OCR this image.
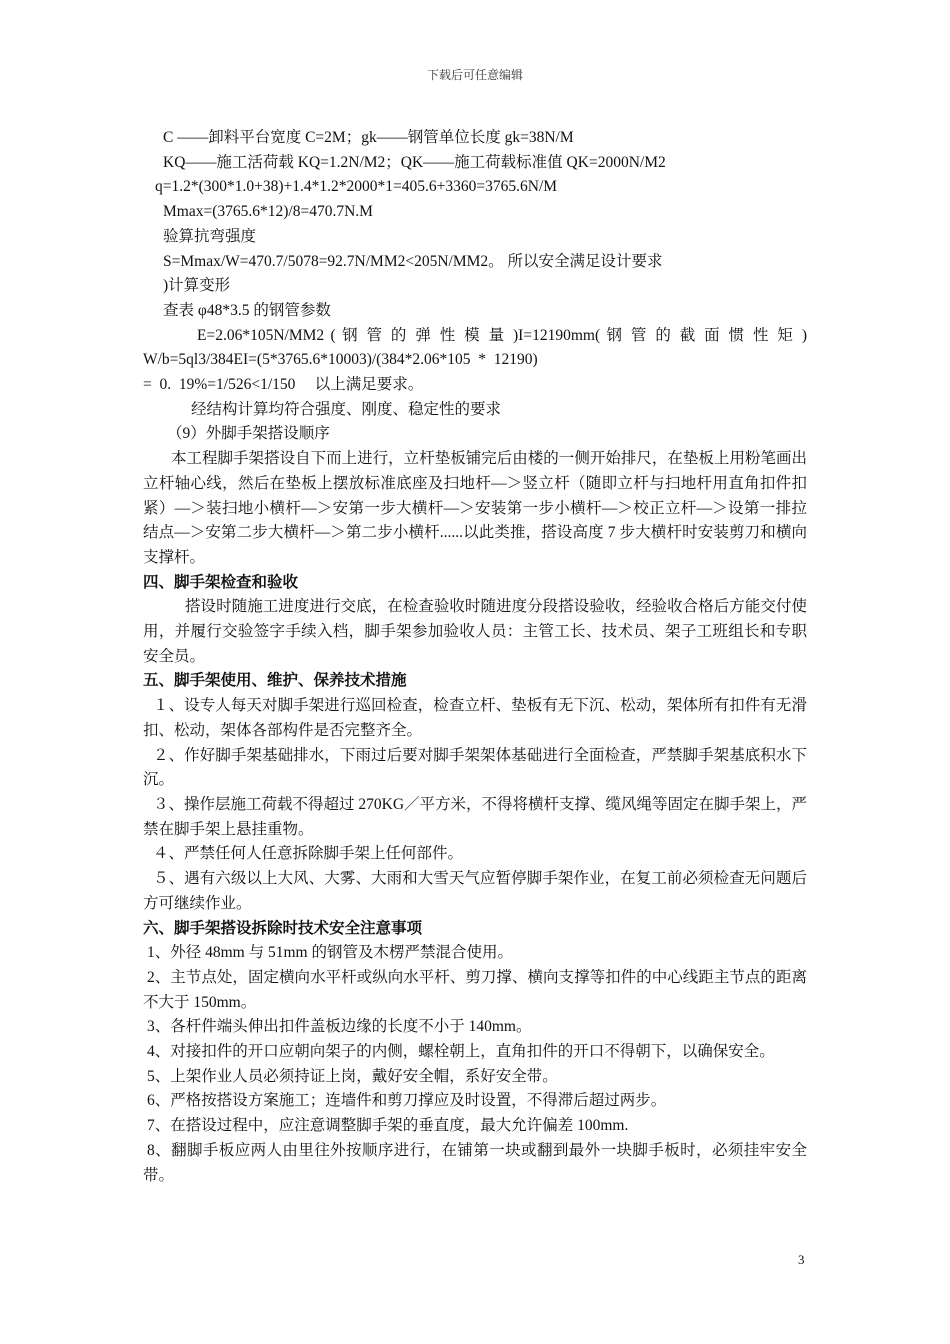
下载后可任意编辑
C ——卸料平台宽度 C=2M；gk——钢管单位长度 gk=38N/M
KQ——施工活荷载 KQ=1.2N/M2；QK——施工荷载标准值 QK=2000N/M2
q=1.2*(300*1.0+38)+1.4*1.2*2000*1=405.6+3360=3765.6N/M
Mmax=(3765.6*12)/8=470.7N.M
验算抗弯强度
S=Mmax/W=470.7/5078=92.7N/MM2<205N/MM2。 所以安全满足设计要求
)计算变形
查表 φ48*3.5 的钢管参数
E=2.06*105N/MM2 ( 钢 管 的 弹 性 模 量 )I=12190mm( 钢 管 的 截 面 惯 性 矩 )
W/b=5ql3/384EI=(5*3765.6*10003)/(384*2.06*105  *  12190)
=  0.  19%=1/526<1/150     以上满足要求。
经结构计算均符合强度、刚度、稳定性的要求
（9）外脚手架搭设顺序
本工程脚手架搭设自下而上进行，立杆垫板铺完后由楼的一侧开始排尺，在垫板上用粉笔画出立杆轴心线，然后在垫板上摆放标准底座及扫地杆—＞竖立杆（随即立杆与扫地杆用直角扣件扣紧）—＞装扫地小横杆—＞安第一步大横杆—＞安装第一步小横杆—＞校正立杆—＞设第一排拉结点—＞安第二步大横杆—＞第二步小横杆......以此类推，搭设高度 7 步大横杆时安装剪刀和横向支撑杆。
四、脚手架检查和验收
搭设时随施工进度进行交底，在检查验收时随进度分段搭设验收，经验收合格后方能交付使用，并履行交验签字手续入档，脚手架参加验收人员：主管工长、技术员、架子工班组长和专职安全员。
五、脚手架使用、维护、保养技术措施
１、设专人每天对脚手架进行巡回检查，检查立杆、垫板有无下沉、松动，架体所有扣件有无滑扣、松动，架体各部构件是否完整齐全。
２、作好脚手架基础排水，下雨过后要对脚手架架体基础进行全面检查，严禁脚手架基底积水下沉。
３、操作层施工荷载不得超过 270KG／平方米，不得将横杆支撑、缆风绳等固定在脚手架上，严禁在脚手架上悬挂重物。
４、严禁任何人任意拆除脚手架上任何部件。
５、遇有六级以上大风、大雾、大雨和大雪天气应暂停脚手架作业，在复工前必须检查无问题后方可继续作业。
六、脚手架搭设拆除时技术安全注意事项
1、外径 48mm 与 51mm 的钢管及木楞严禁混合使用。
2、主节点处，固定横向水平杆或纵向水平杆、剪刀撑、横向支撑等扣件的中心线距主节点的距离不大于 150mm。
3、各杆件端头伸出扣件盖板边缘的长度不小于 140mm。
4、对接扣件的开口应朝向架子的内侧，螺栓朝上，直角扣件的开口不得朝下，以确保安全。
5、上架作业人员必须持证上岗，戴好安全帽，系好安全带。
6、严格按搭设方案施工；连墙件和剪刀撑应及时设置，不得滞后超过两步。
7、在搭设过程中，应注意调整脚手架的垂直度，最大允许偏差 100mm.
8、翻脚手板应两人由里往外按顺序进行，在铺第一块或翻到最外一块脚手板时，必须挂牢安全带。
3
